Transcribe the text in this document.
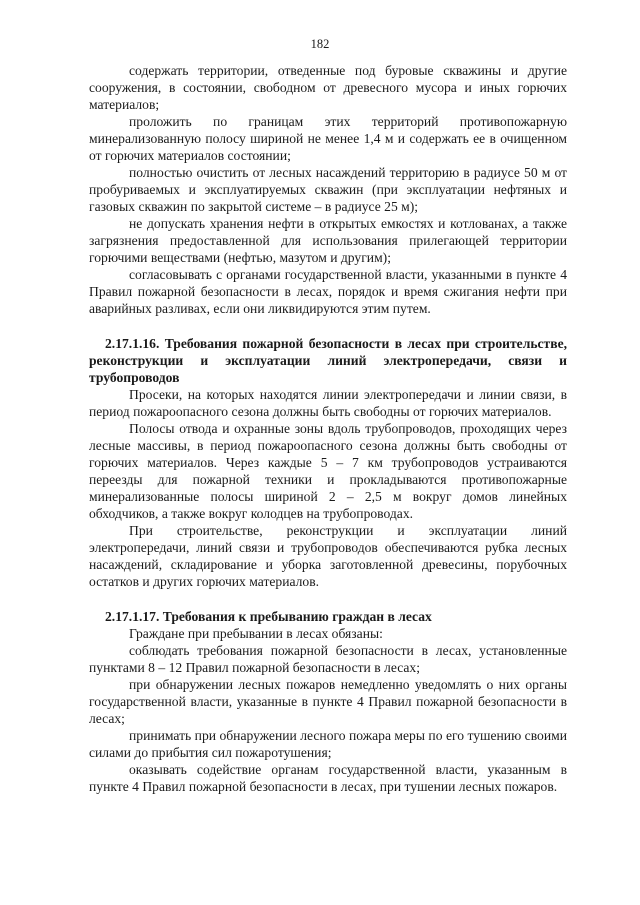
182

содержать территории, отведенные под буровые скважины и другие сооружения, в состоянии, свободном от древесного мусора и иных горючих материалов;

проложить по границам этих территорий противопожарную минерализованную полосу шириной не менее 1,4 м и содержать ее в очищенном от горючих материалов состоянии;

полностью очистить от лесных насаждений территорию в радиусе 50 м от пробуриваемых и эксплуатируемых скважин (при эксплуатации нефтяных и газовых скважин по закрытой системе – в радиусе 25 м);

не допускать хранения нефти в открытых емкостях и котлованах, а также загрязнения предоставленной для использования прилегающей территории горючими веществами (нефтью, мазутом и другим);

согласовывать с органами государственной власти, указанными в пункте 4 Правил пожарной безопасности в лесах, порядок и время сжигания нефти при аварийных разливах, если они ликвидируются этим путем.

2.17.1.16. Требования пожарной безопасности в лесах при строительстве, реконструкции и эксплуатации линий электропередачи, связи и трубопроводов

Просеки, на которых находятся линии электропередачи и линии связи, в период пожароопасного сезона должны быть свободны от горючих материалов.

Полосы отвода и охранные зоны вдоль трубопроводов, проходящих через лесные массивы, в период пожароопасного сезона должны быть свободны от горючих материалов. Через каждые 5 – 7 км трубопроводов устраиваются переезды для пожарной техники и прокладываются противопожарные минерализованные полосы шириной 2 – 2,5 м вокруг домов линейных обходчиков, а также вокруг колодцев на трубопроводах.

При строительстве, реконструкции и эксплуатации линий электропередачи, линий связи и трубопроводов обеспечиваются рубка лесных насаждений, складирование и уборка заготовленной древесины, порубочных остатков и других горючих материалов.

2.17.1.17. Требования к пребыванию граждан в лесах

Граждане при пребывании в лесах обязаны:

соблюдать требования пожарной безопасности в лесах, установленные пунктами 8 – 12 Правил пожарной безопасности в лесах;

при обнаружении лесных пожаров немедленно уведомлять о них органы государственной власти, указанные в пункте 4 Правил пожарной безопасности в лесах;

принимать при обнаружении лесного пожара меры по его тушению своими силами до прибытия сил пожаротушения;

оказывать содействие органам государственной власти, указанным в пункте 4 Правил пожарной безопасности в лесах, при тушении лесных пожаров.
